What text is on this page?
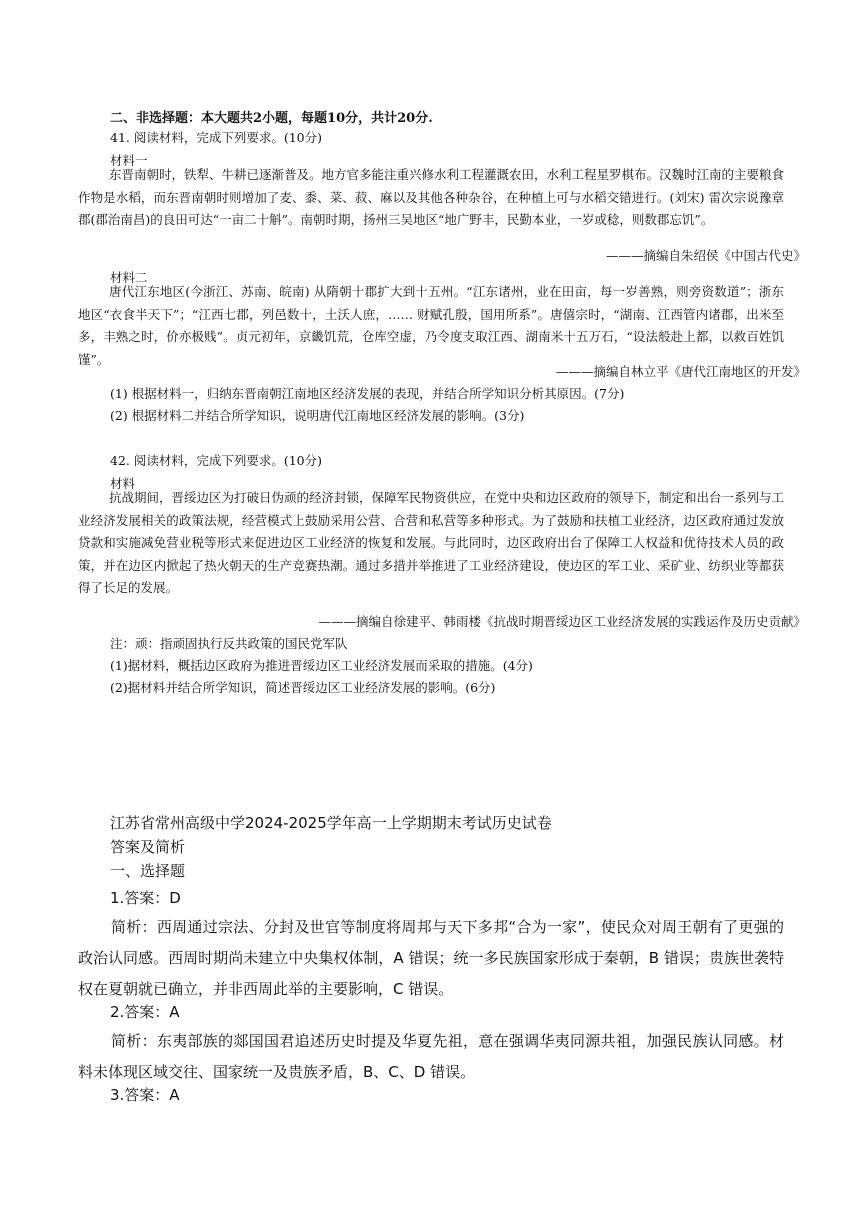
二、非选择题：本大题共2小题，每题10分，共计20分.

41. 阅读材料，完成下列要求。(10分)

材料一

东晋南朝时，铁犁、牛耕已逐渐普及。地方官多能注重兴修水利工程灌溉农田，水利工程星罗棋布。汉魏时江南的主要粮食作物是水稻，而东晋南朝时则增加了麦、黍、菜、菽、麻以及其他各种杂谷，在种植上可与水稻交错进行。(刘宋) 雷次宗说豫章郡(郡治南昌)的良田可达“一亩二十斛”。南朝时期，扬州三吴地区“地广野丰，民勤本业，一岁或稔，则数郡忘饥”。

———摘编自朱绍侯《中国古代史》

材料二

唐代江东地区(今浙江、苏南、皖南) 从隋朝十郡扩大到十五州。“江东诸州，业在田亩，每一岁善熟，则旁资数道”；浙东地区“衣食半天下”；“江西七郡，列邑数十，土沃人庶，…… 财赋孔殷，国用所系”。唐僖宗时，“湖南、江西管内诸郡，出米至多，丰熟之时，价亦极贱”。贞元初年，京畿饥荒，仓库空虚，乃令度支取江西、湖南米十五万石，“设法般赴上都，以救百姓饥馑”。

———摘编自林立平《唐代江南地区的开发》

(1) 根据材料一，归纳东晋南朝江南地区经济发展的表现，并结合所学知识分析其原因。(7分)

(2) 根据材料二并结合所学知识，说明唐代江南地区经济发展的影响。(3分)

42. 阅读材料，完成下列要求。(10分)

材料

抗战期间，晋绥边区为打破日伪顽的经济封锁，保障军民物资供应，在党中央和边区政府的领导下，制定和出台一系列与工业经济发展相关的政策法规，经营模式上鼓励采用公营、合营和私营等多种形式。为了鼓励和扶植工业经济，边区政府通过发放贷款和实施减免营业税等形式来促进边区工业经济的恢复和发展。与此同时，边区政府出台了保障工人权益和优待技术人员的政策，并在边区内掀起了热火朝天的生产竞赛热潮。通过多措并举推进了工业经济建设，使边区的军工业、采矿业、纺织业等都获得了长足的发展。

———摘编自徐建平、韩雨楼《抗战时期晋绥边区工业经济发展的实践运作及历史贡献》

注：顽：指顽固执行反共政策的国民党军队

(1)据材料，概括边区政府为推进晋绥边区工业经济发展而采取的措施。(4分)

(2)据材料并结合所学知识，简述晋绥边区工业经济发展的影响。(6分)

江苏省常州高级中学2024-2025学年高一上学期期末考试历史试卷

答案及简析

一、选择题

1.答案：D

简析：西周通过宗法、分封及世官等制度将周邦与天下多邦“合为一家”，使民众对周王朝有了更强的政治认同感。西周时期尚未建立中央集权体制，A 错误；统一多民族国家形成于秦朝，B 错误；贵族世袭特权在夏朝就已确立，并非西周此举的主要影响，C 错误。

2.答案：A

简析：东夷部族的郯国国君追述历史时提及华夏先祖，意在强调华夷同源共祖，加强民族认同感。材料未体现区域交往、国家统一及贵族矛盾，B、C、D 错误。

3.答案：A
